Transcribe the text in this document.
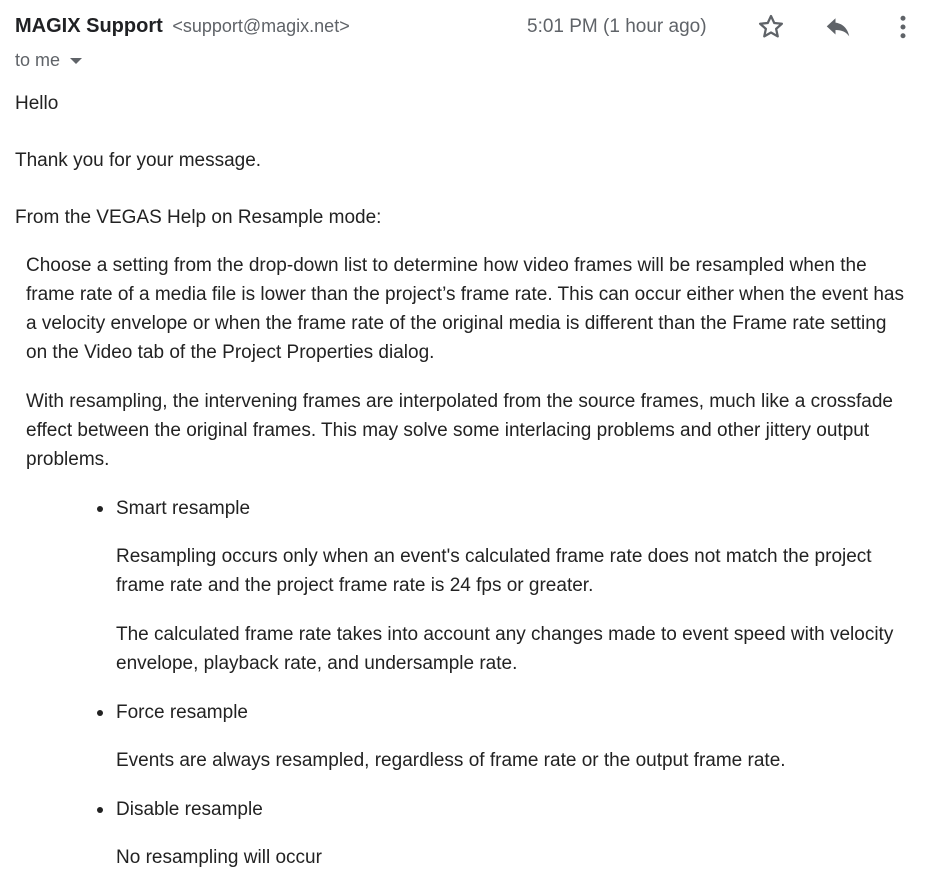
MAGIX Support <support@magix.net>	5:01 PM (1 hour ago)
to me

Hello

Thank you for your message.

From the VEGAS Help on Resample mode:

Choose a setting from the drop-down list to determine how video frames will be resampled when the frame rate of a media file is lower than the project’s frame rate. This can occur either when the event has a velocity envelope or when the frame rate of the original media is different than the Frame rate setting on the Video tab of the Project Properties dialog.

With resampling, the intervening frames are interpolated from the source frames, much like a crossfade effect between the original frames. This may solve some interlacing problems and other jittery output problems.

Smart resample

Resampling occurs only when an event's calculated frame rate does not match the project frame rate and the project frame rate is 24 fps or greater.

The calculated frame rate takes into account any changes made to event speed with velocity envelope, playback rate, and undersample rate.

Force resample

Events are always resampled, regardless of frame rate or the output frame rate.

Disable resample

No resampling will occur
